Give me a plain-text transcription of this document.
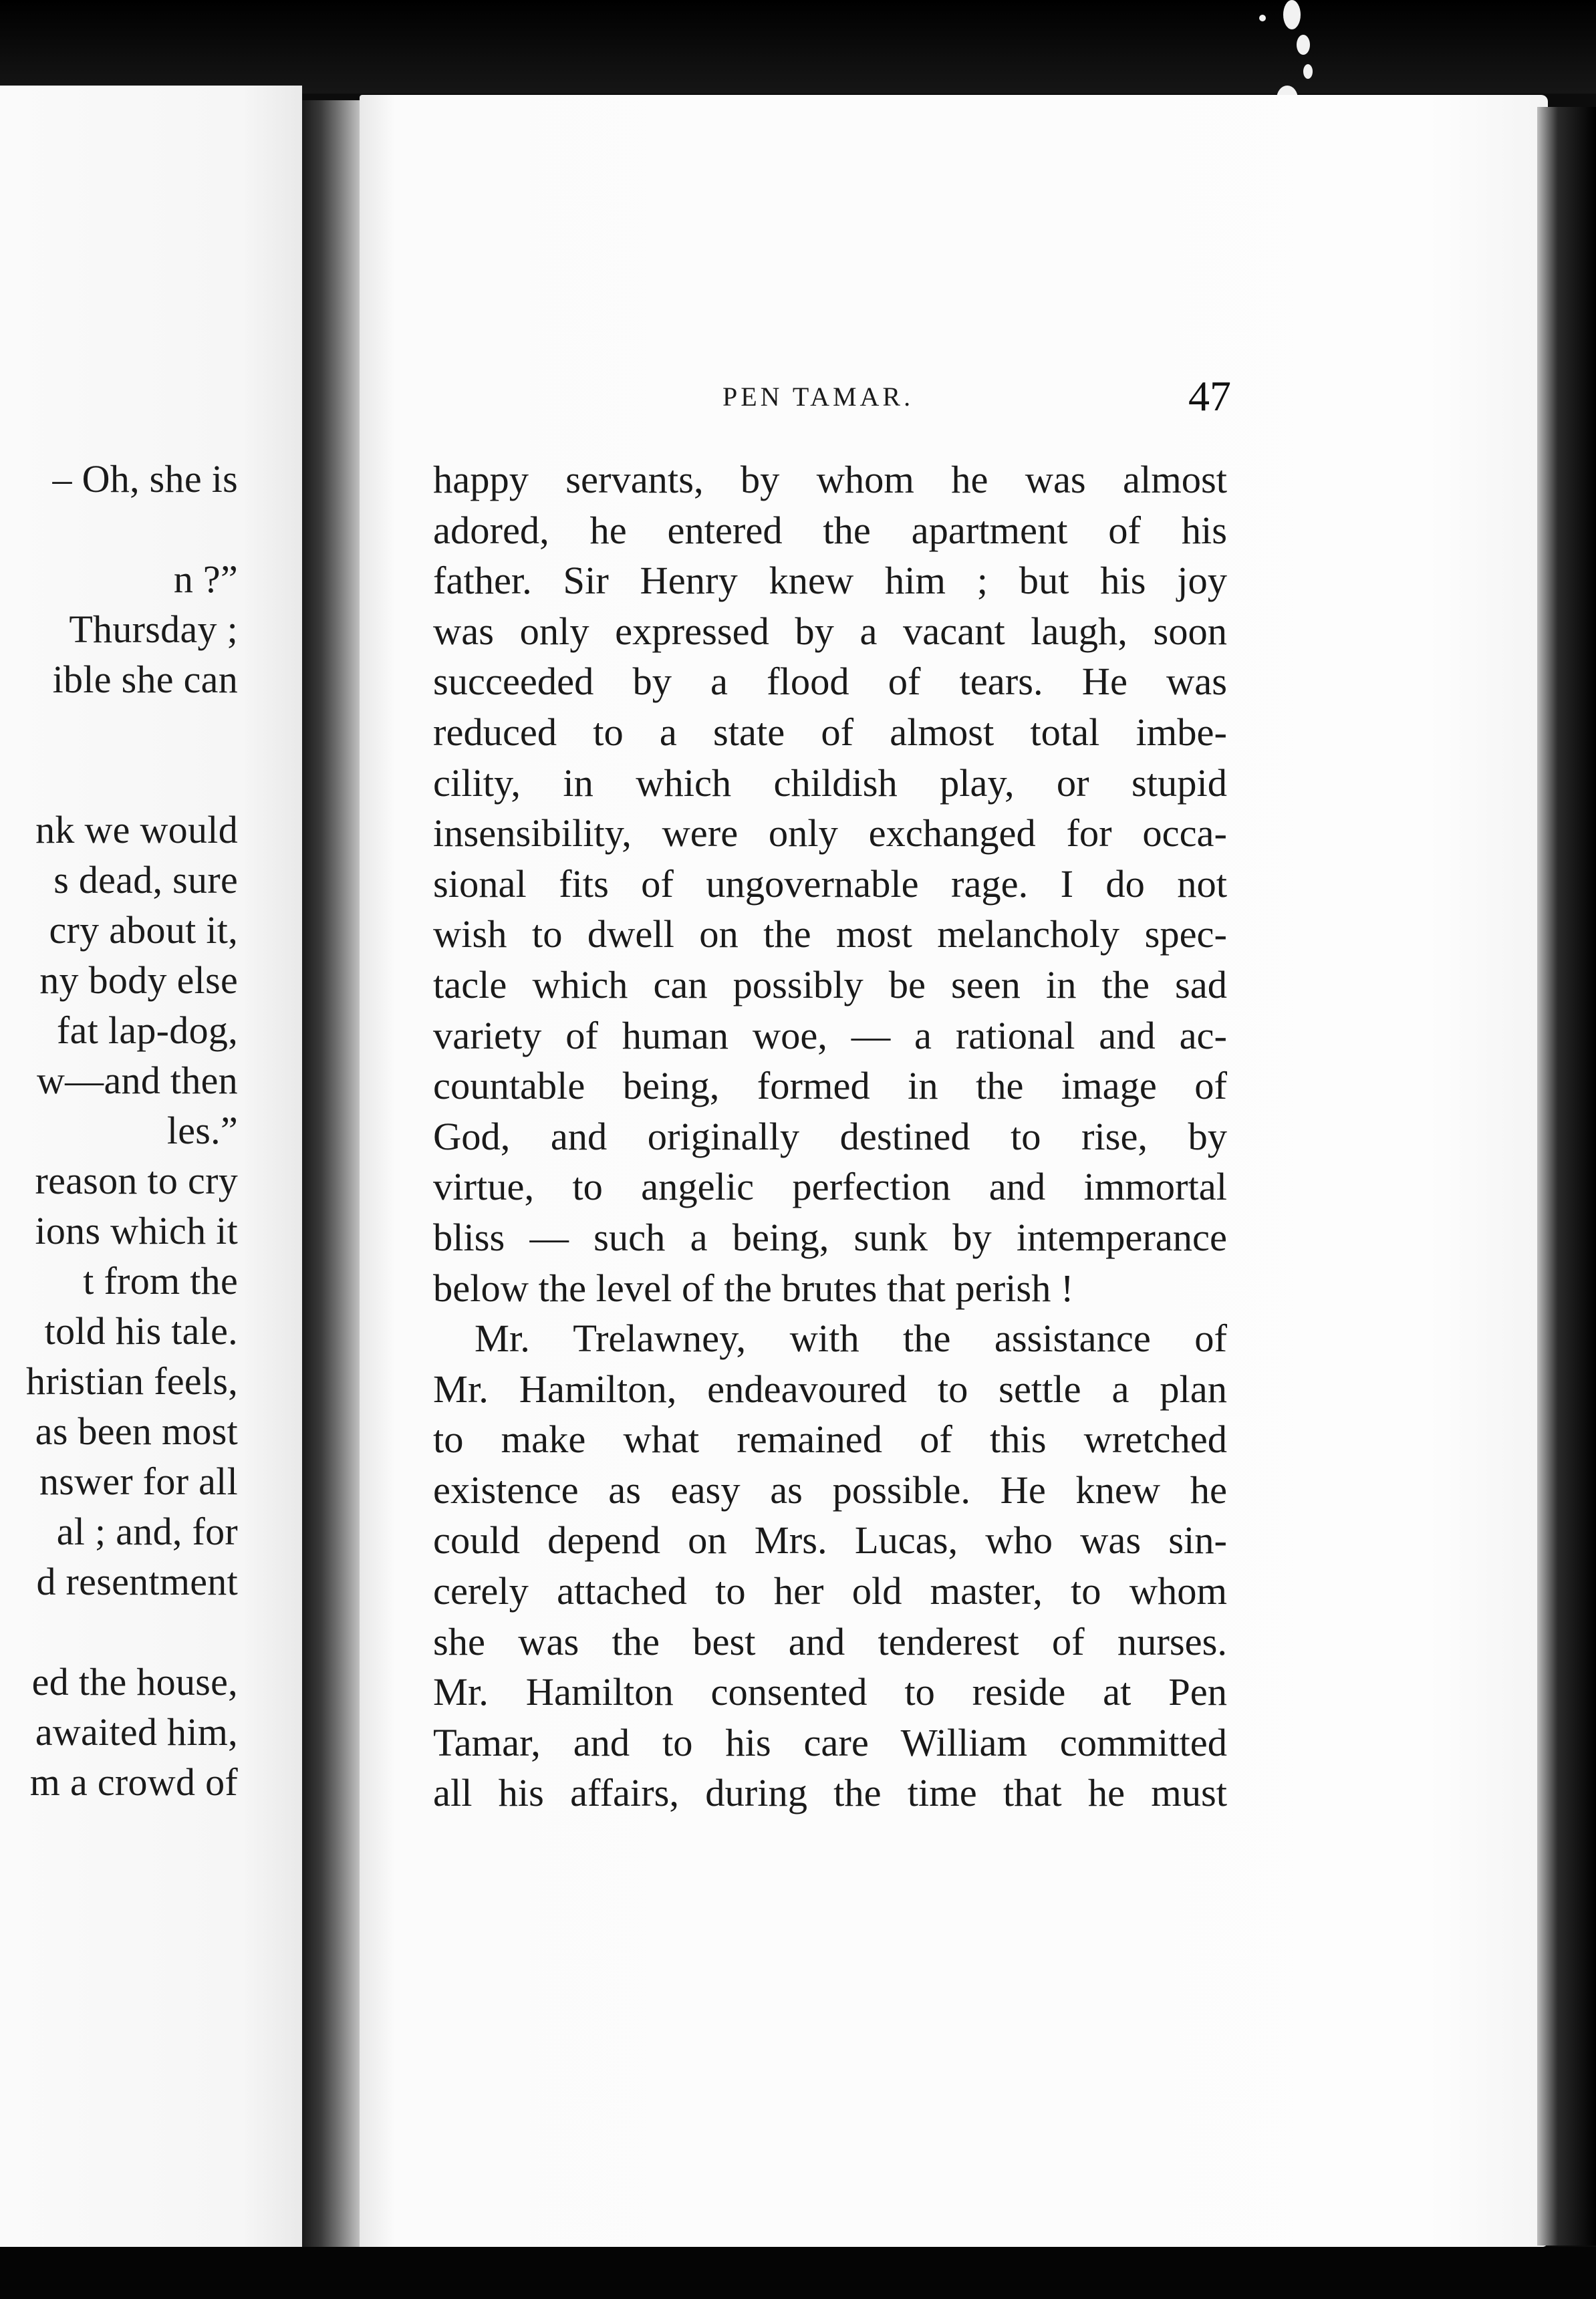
– Oh, she is
n ?”
Thursday ;
ible she can
nk we would
s dead, sure
cry about it,
ny body else
fat lap-dog,
w—and then
les.”
reason to cry
ions which it
t from the
told his tale.
hristian feels,
as been most
nswer for all
al ; and, for
d resentment
ed the house,
awaited him,
m a crowd of
PEN TAMAR.	47
happy servants, by whom he was almost
adored, he entered the apartment of his
father. Sir Henry knew him ; but his joy
was only expressed by a vacant laugh, soon
succeeded by a flood of tears. He was
reduced to a state of almost total imbe-
cility, in which childish play, or stupid
insensibility, were only exchanged for occa-
sional fits of ungovernable rage. I do not
wish to dwell on the most melancholy spec-
tacle which can possibly be seen in the sad
variety of human woe, — a rational and ac-
countable being, formed in the image of
God, and originally destined to rise, by
virtue, to angelic perfection and immortal
bliss — such a being, sunk by intemperance
below the level of the brutes that perish !
Mr. Trelawney, with the assistance of
Mr. Hamilton, endeavoured to settle a plan
to make what remained of this wretched
existence as easy as possible. He knew he
could depend on Mrs. Lucas, who was sin-
cerely attached to her old master, to whom
she was the best and tenderest of nurses.
Mr. Hamilton consented to reside at Pen
Tamar, and to his care William committed
all his affairs, during the time that he must
